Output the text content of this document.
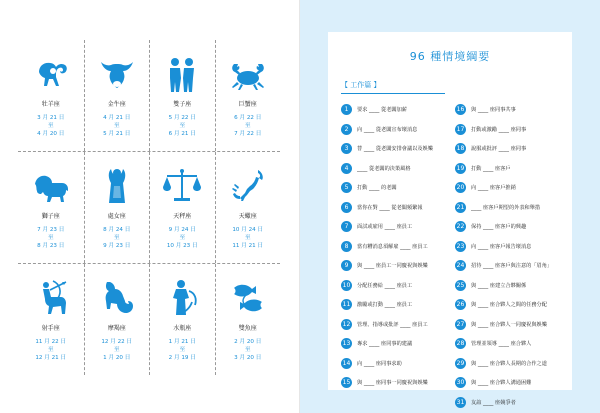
牡羊座
3 月 21 日
至
4 月 20 日
金牛座
4 月 21 日
至
5 月 21 日
雙子座
5 月 22 日
至
6 月 21 日
巨蟹座
6 月 22 日
至
7 月 22 日
獅子座
7 月 23 日
至
8 月 23 日
處女座
8 月 24 日
至
9 月 23 日
天秤座
9 月 24 日
至
10 月 23 日
天蠍座
10 月 24 日
至
11 月 21 日
射手座
11 月 22 日
至
12 月 21 日
摩羯座
12 月 22 日
至
1 月 20 日
水瓶座
1 月 21 日
至
2 月 19 日
雙魚座
2 月 20 日
至
3 月 20 日
96 種情境綱要
【 工作篇 】
1	要求 ____ 從老闆加薪
2	向 ____ 從老闆宣布壞消息
3	替 ____ 從老闆安排會議以及娛樂
4	____ 從老闆的決策風格
5	打動 ____ 的老闆
6	當你在對 ____ 從老闆頻繁報
7	面試或雇用 ____ 座員工
8	當有糟消息須解雇 ____ 座員工
9	與 ____ 座員工一同慶祝與娛樂
10	分配任務給 ____ 座員工
11	激勵或打動 ____ 座員工
12	管理、指導或批評 ____ 座員工
13	專求 ____ 座同事的建議
14	向 ____ 座同事求助
15	與 ____ 座同事一同慶祝與娛樂
16	與 ____ 座同事共事
17	打動或激勵 ____ 座同事
18	說服或批評 ____ 座同事
19	打動 ____ 座客戶
20	向 ____ 座客戶推銷
21	____ 座客戶期望的外表和舉措
22	保持 ____ 座客戶的興趣
23	向 ____ 座客戶報告壞消息
24	招待 ____ 座客戶與注意的「眉角」
25	與 ____ 座建立合夥關係
26	與 ____ 座合夥人之間的任務分配
27	與 ____ 座合夥人一同慶祝與娛樂
28	管理並領導 ____ 座合夥人
29	與 ____ 座合夥人長期的合作之道
30	與 ____ 座合夥人溝通困難
31	友誼 ____ 座競爭者
